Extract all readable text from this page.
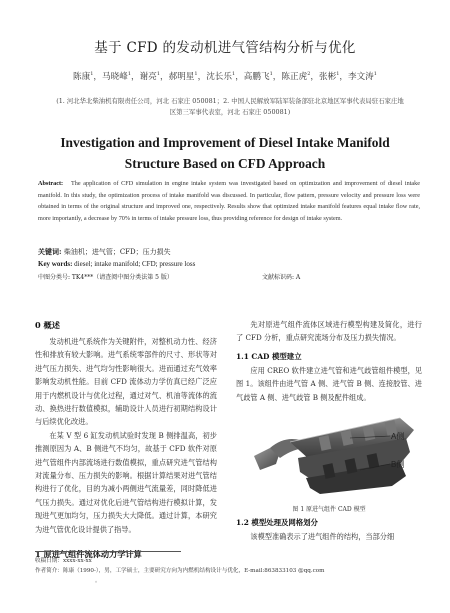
基于 CFD 的发动机进气管结构分析与优化
陈康$^1$，马晓峰$^1$，谢亮$^1$，郝明星$^1$，沈长乐$^1$，高鹏飞$^1$，陈正虎$^2$，张彬$^1$，李文涛$^1$
(1. 河北华北柴油机有限责任公司，河北 石家庄 050081；2. 中国人民解放军陆军装备部驻北京地区军事代表局驻石家庄地
区第三军事代表室，河北 石家庄 050081)
Investigation and Improvement of Diesel Intake Manifold
Structure Based on CFD Approach
Abstract: The application of CFD simulation in engine intake system was investigated based on optimization and improvement of diesel intake manifold. In this study, the optimization process of intake manifold was discussed. In particular, flow pattern, pressure velocity and pressure loss were obtained in terms of the original structure and improved one, respectively. Results show that optimized intake manifold features equal intake flow rate, more importantly, a decrease by 70% in terms of intake pressure loss, thus providing reference for design of intake system.
关键词: 柴油机；进气管；CFD；压力损失
Key words: diesel; intake manifold; CFD; pressure loss
中图分类号: TK4***（请查阅中图分类法第 5 版）	文献标识码: A
0 概述

发动机进气系统作为关键附件，对整机动力性、经济性和排放有较大影响。进气系统零部件的尺寸、形状等对进气压力损失、进气均匀性影响很大。进而通过充气效率影响发动机性能。目前 CFD 流体动力学仿真已经广泛应用于内燃机设计与优化过程，通过对气、机油等流体的流动、换热进行数值模拟，辅助设计人员进行初期结构设计与后续优化改进。

在某 V 型 6 缸发动机试验时发现 B 侧排温高，初步推测原因为 A、B 侧进气不均匀，故基于 CFD 软件对原进气管组件内部流场进行数值模拟，重点研究进气管结构对流量分布、压力损失的影响。根据计算结果对进气管结构进行了优化，目的为减小两侧进气流量差，同时降低进气压力损失。通过对优化后进气管结构进行模拟计算，发现进气更加均匀，压力损失大大降低。通过计算，本研究为进气管优化设计提供了指导。

1 原进气组件流体动力学计算

先对原进气组件流体区域进行模型构建及简化，进行了 CFD 分析，重点研究流场分布及压力损失情况。

1.1 CAD 模型建立

应用 CREO 软件建立进气管和进气歧管组件模型，见图 1。该组件由进气管 A 侧、进气管 B 侧、连接胶管、进气歧管 A 侧、进气歧管 B 侧及配件组成。

A侧
B侧
图 1 原进气组件 CAD 模型
1.2 模型处理及网格划分

该模型准确表示了进气组件的结构，当部分细

收稿日期：xxxx-xx-xx
作者简介：陈康（1990-），男，工学硕士，主要研究方向为内燃机结构设计与优化，E-mail:863833103 @qq.com
。
